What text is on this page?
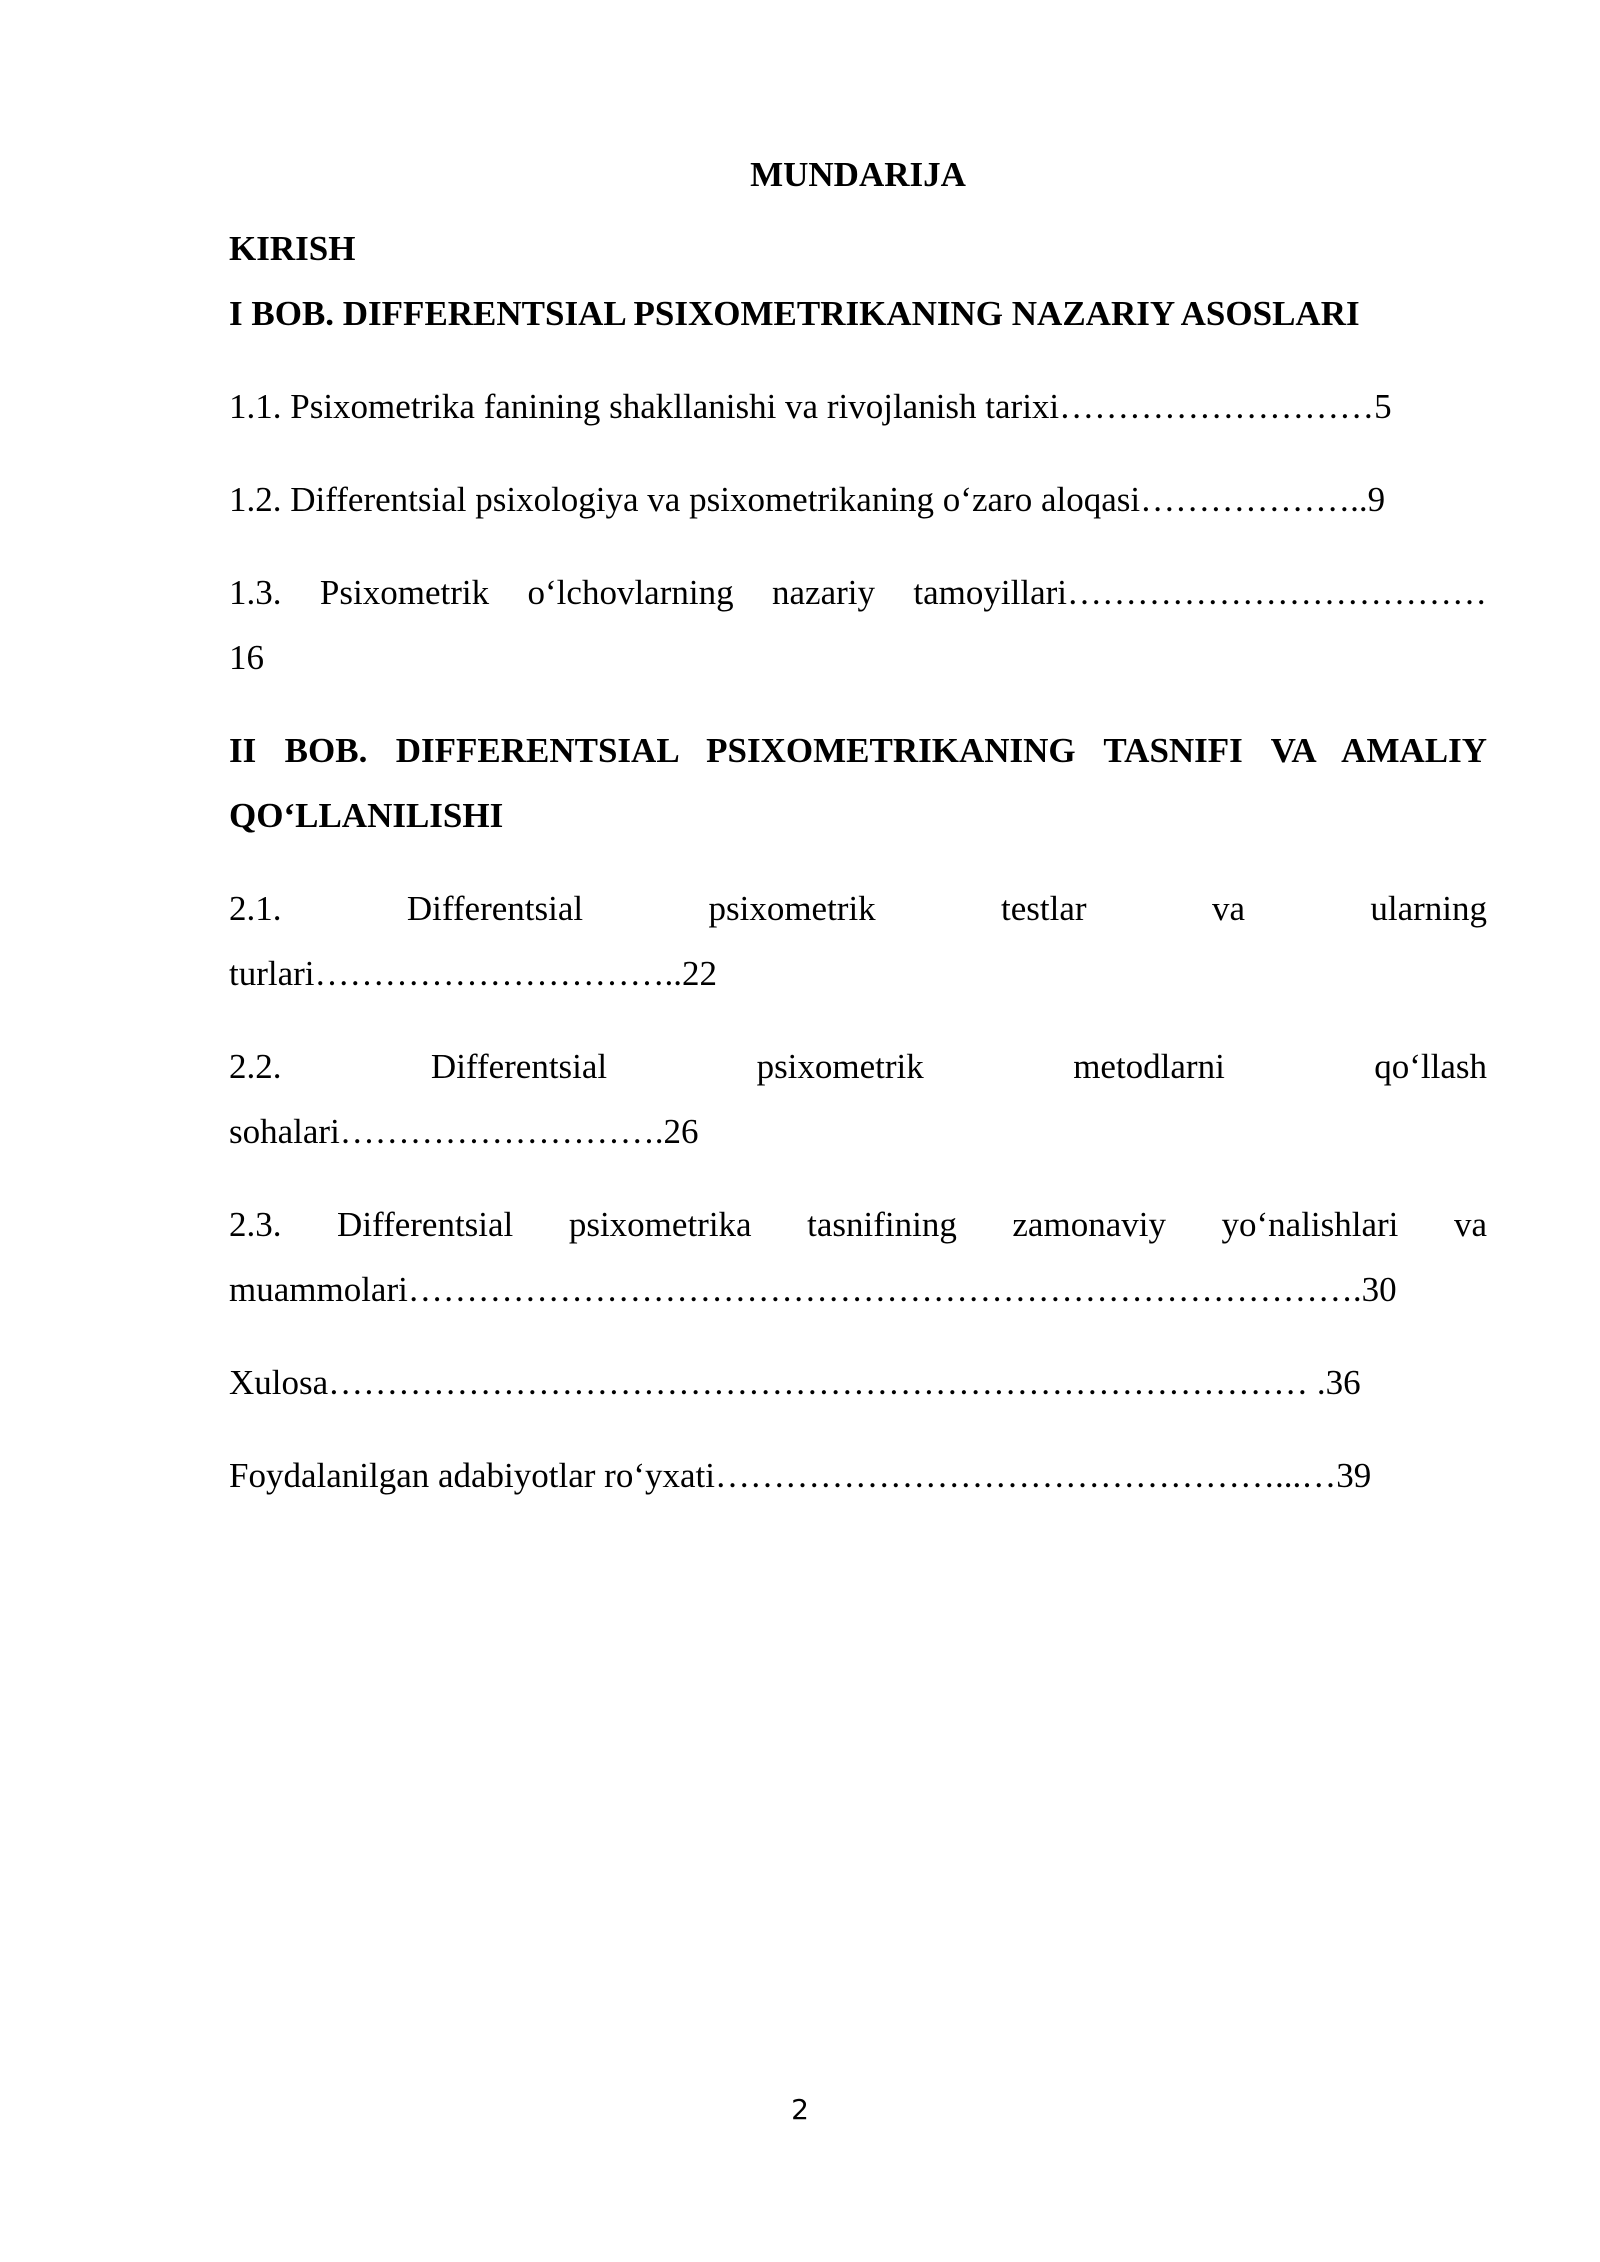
MUNDARIJA

KIRISH

I BOB. DIFFERENTSIAL PSIXOMETRIKANING NAZARIY ASOSLARI

1.1. Psixometrika fanining shakllanishi va rivojlanish tarixi………………………5

1.2. Differentsial psixologiya va psixometrikaning o‘zaro aloqasi………………..9

1.3. Psixometrik o‘lchovlarning nazariy tamoyillari………………………………
16

II BOB. DIFFERENTSIAL PSIXOMETRIKANING TASNIFI VA AMALIY
QO‘LLANILISHI

2.1. Differentsial psixometrik testlar va ularning
turlari…………………………..22

2.2. Differentsial psixometrik metodlarni qo‘llash
sohalari……………………….26

2.3. Differentsial psixometrika tasnifining zamonaviy yo‘nalishlari va
muammolari……………………………………………………………………….30

Xulosa………………………………………………………………………… .36

Foydalanilgan adabiyotlar ro‘yxati…………………………………………...…39

2
